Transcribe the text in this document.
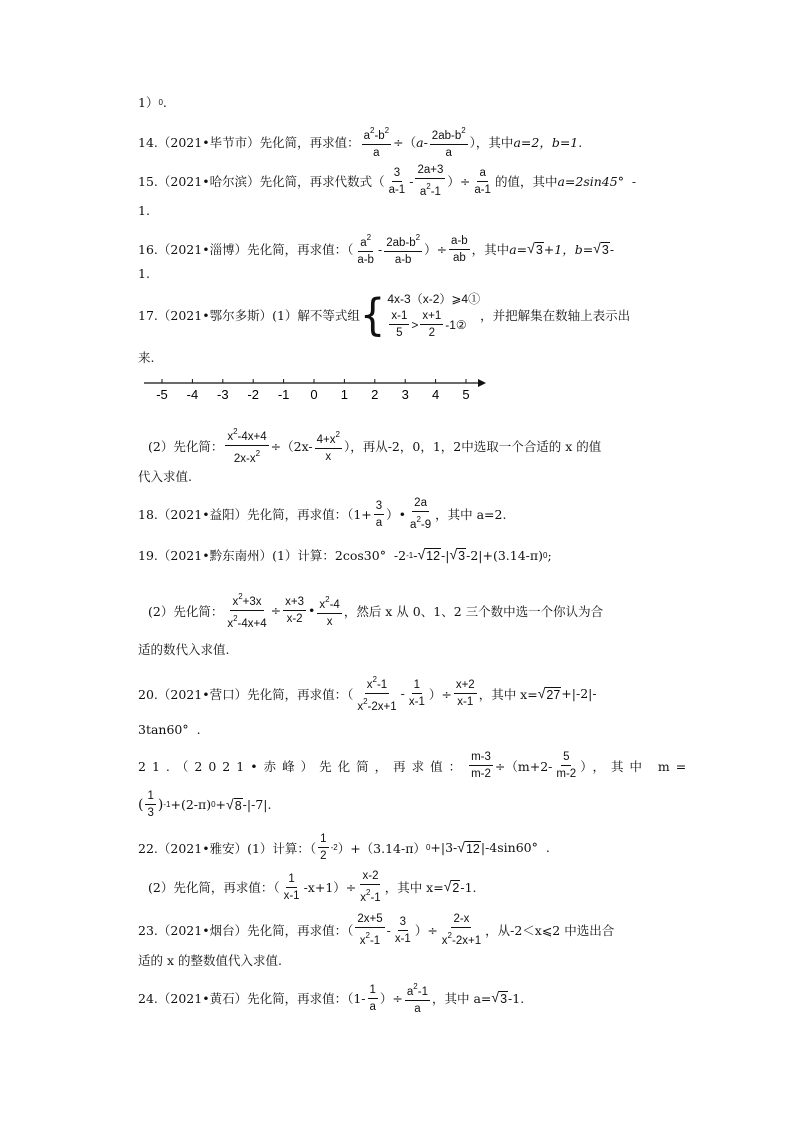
1） 0 .
14.（2021•毕节市）先化简，再求值： $\frac{a^2-b^2}{a}$ ÷（ a - $\frac{2ab-b^2}{a}$ ），其中 a=2，b=1.
15.（2021•哈尔滨）先化简，再求代数式（ $\frac{3}{a-1} - \frac{2a+3}{a^2-1}$ ）÷ $\frac{a}{a-1}$ 的值，其中 a=2sin45°  -
1.
16.（2021•淄博）先化简，再求值：（ $\frac{a^2}{a-b} - \frac{2ab-b^2}{a-b}$ ）÷ $\frac{a-b}{ab}$ ，其中 a= √ 3 +1，b= √ 3 -
1.
17.（2021•鄂尔多斯）(1）解不等式组 { 4x-3（x-2）⩾4①
$\frac{x-1}{5} > \frac{x+1}{2}$ -1②
，并把解集在数轴上表示出
来.
-5 -4 -3 -2 -1 0 1 2 3 4 5
(2）先化简： $\frac{x^2-4x+4}{2x-x^2} \div(2x- \frac{4+x^2}{x}$ ），再从-2，0，1，2中选取一个合适的 x 的值
代入求值.
18.（2021•益阳）先化简，再求值：（$1+ \frac{3}{a}$ ）• $\frac{2a}{a^2-9}$ ，其中 a=2.
19.（2021•黔东南州）(1）计算：2cos30°  -2 -1 - √ 12 -| √ 3 -2|+(3.14-π) 0 ;
(2）先化简： $\frac{x^2+3x}{x^2-4x+4} \div \frac{x+3}{x-2}$ • $\frac{x^2-4}{x}$ ，然后 x 从 0、1、2 三个数中选一个你认为合
适的数代入求值.
20.（2021•营口）先化简，再求值：（ $\frac{x^2-1}{x^2-2x+1} - \frac{1}{x-1}$ ）÷ $\frac{x+2}{x-1}$ ，其中 x= √ 27 +|-2|-
3tan60°  .
21.（2021•赤峰）先化简，再求值： $\frac{m-3}{m-2} \div(m+2- \frac{5}{m-2}$ ），其中 m=
( $\frac{1}{3}$ ) -1 +(2-π) 0 + √ 8 -|-7|.
22.（2021•雅安）(1）计算：（ $\frac{1}{2} -2$ ）+（3.14-π） 0 +|3- √ 12 |-4sin60°  .
(2）先化简，再求值：（ $\frac{1}{x-1} -x+1)\div \frac{x-2}{x^2-1}$ ，其中 x= √ 2 -1.
23.（2021•烟台）先化简，再求值：（ $\frac{2x+5}{x^2-1} - \frac{3}{x-1}$ ）÷ $\frac{2-x}{x^2-2x+1}$ ，从-2＜x⩽2 中选出合
适的 x 的整数值代入求值.
24.（2021•黄石）先化简，再求值：（$1- \frac{1}{a}$ ）÷ $\frac{a^2-1}{a}$ ，其中 a= √ 3 -1.
